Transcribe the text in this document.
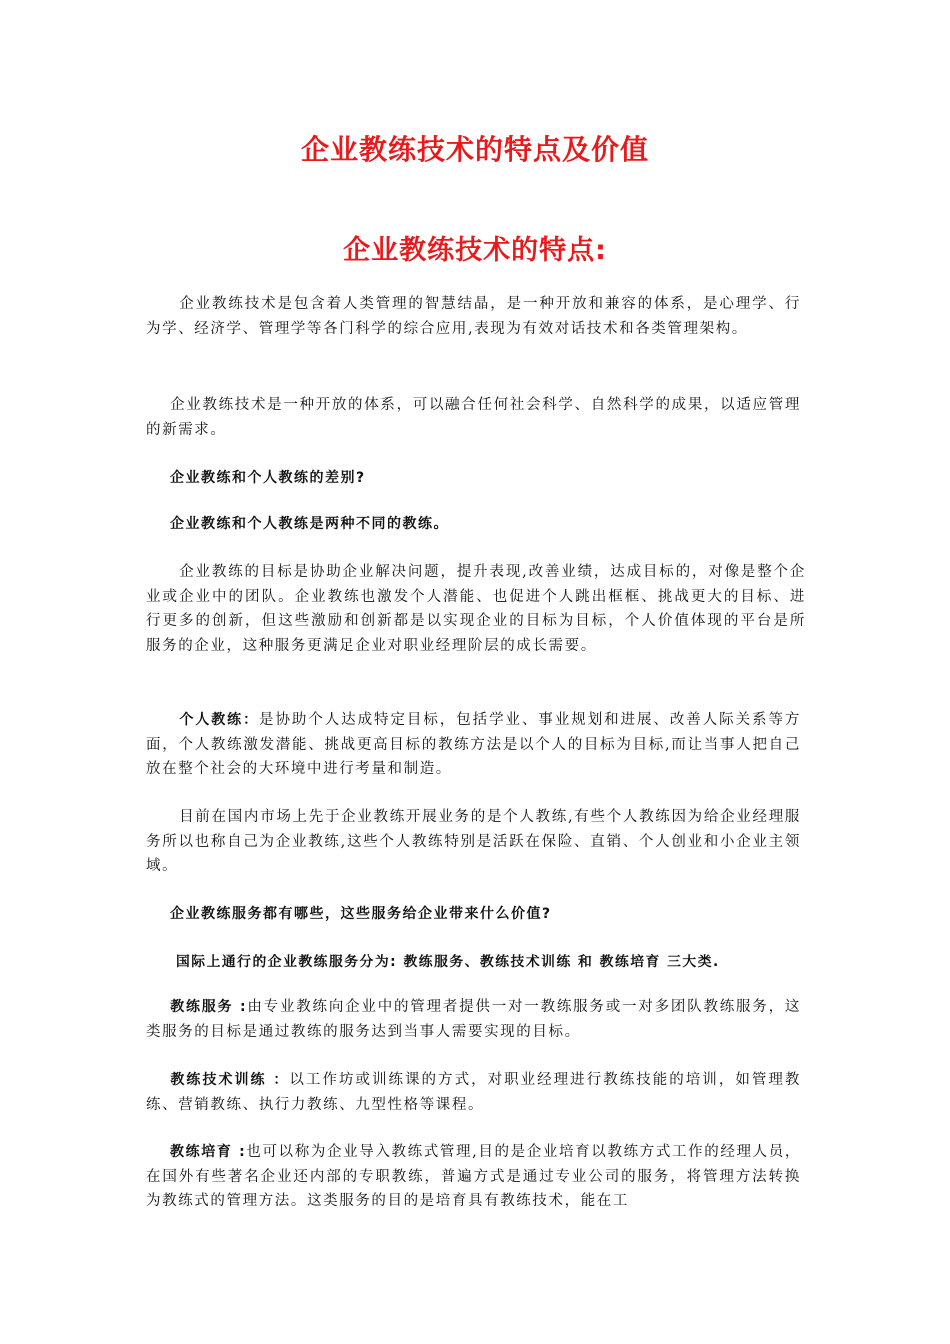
企业教练技术的特点及价值
企业教练技术的特点:

企业教练技术是包含着人类管理的智慧结晶，是一种开放和兼容的体系，是心理学、行为学、经济学、管理学等各门科学的综合应用,表现为有效对话技术和各类管理架构。

企业教练技术是一种开放的体系，可以融合任何社会科学、自然科学的成果，以适应管理的新需求。

企业教练和个人教练的差别?

企业教练和个人教练是两种不同的教练。

企业教练的目标是协助企业解决问题，提升表现,改善业绩，达成目标的，对像是整个企业或企业中的团队。企业教练也激发个人潜能、也促进个人跳出框框、挑战更大的目标、进行更多的创新，但这些激励和创新都是以实现企业的目标为目标，个人价值体现的平台是所服务的企业，这种服务更满足企业对职业经理阶层的成长需要。

个人教练：是协助个人达成特定目标，包括学业、事业规划和进展、改善人际关系等方面，个人教练激发潜能、挑战更高目标的教练方法是以个人的目标为目标,而让当事人把自己放在整个社会的大环境中进行考量和制造。

目前在国内市场上先于企业教练开展业务的是个人教练,有些个人教练因为给企业经理服务所以也称自己为企业教练,这些个人教练特别是活跃在保险、直销、个人创业和小企业主领域。

企业教练服务都有哪些，这些服务给企业带来什么价值?

国际上通行的企业教练服务分为: 教练服务、教练技术训练 和 教练培育 三大类.

教练服务 :由专业教练向企业中的管理者提供一对一教练服务或一对多团队教练服务，这类服务的目标是通过教练的服务达到当事人需要实现的目标。

教练技术训练 ：以工作坊或训练课的方式，对职业经理进行教练技能的培训，如管理教练、营销教练、执行力教练、九型性格等课程。

教练培育 :也可以称为企业导入教练式管理,目的是企业培育以教练方式工作的经理人员，在国外有些著名企业还内部的专职教练，普遍方式是通过专业公司的服务，将管理方法转换为教练式的管理方法。这类服务的目的是培育具有教练技术，能在工
